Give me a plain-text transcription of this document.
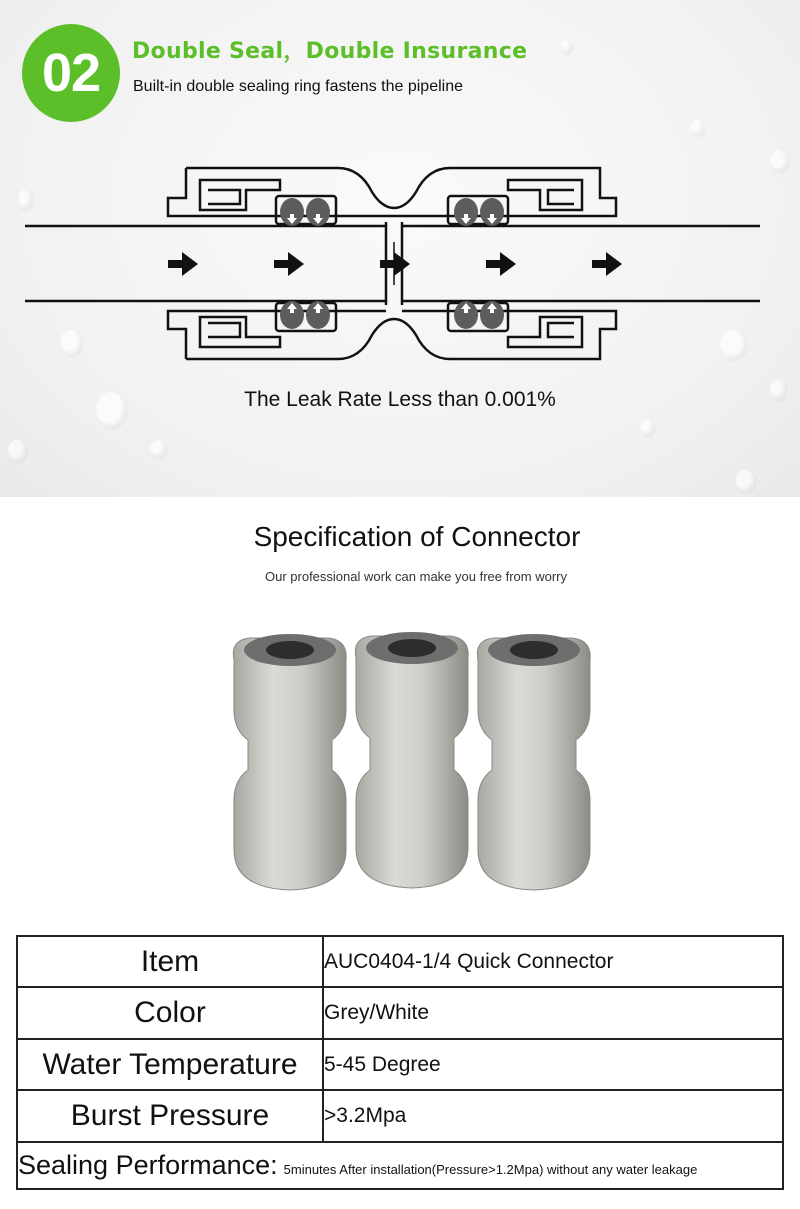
02	Double Seal，Double Insurance
Built-in double sealing ring fastens the pipeline
The Leak Rate Less than 0.001%
Specification of Connector
Our professional work can make you free from worry
Item	AUC0404-1/4 Quick Connector
Color	Grey/White
Water Temperature	5-45 Degree
Burst Pressure	>3.2Mpa
Sealing Performance: 5minutes After installation(Pressure>1.2Mpa) without any water leakage	
